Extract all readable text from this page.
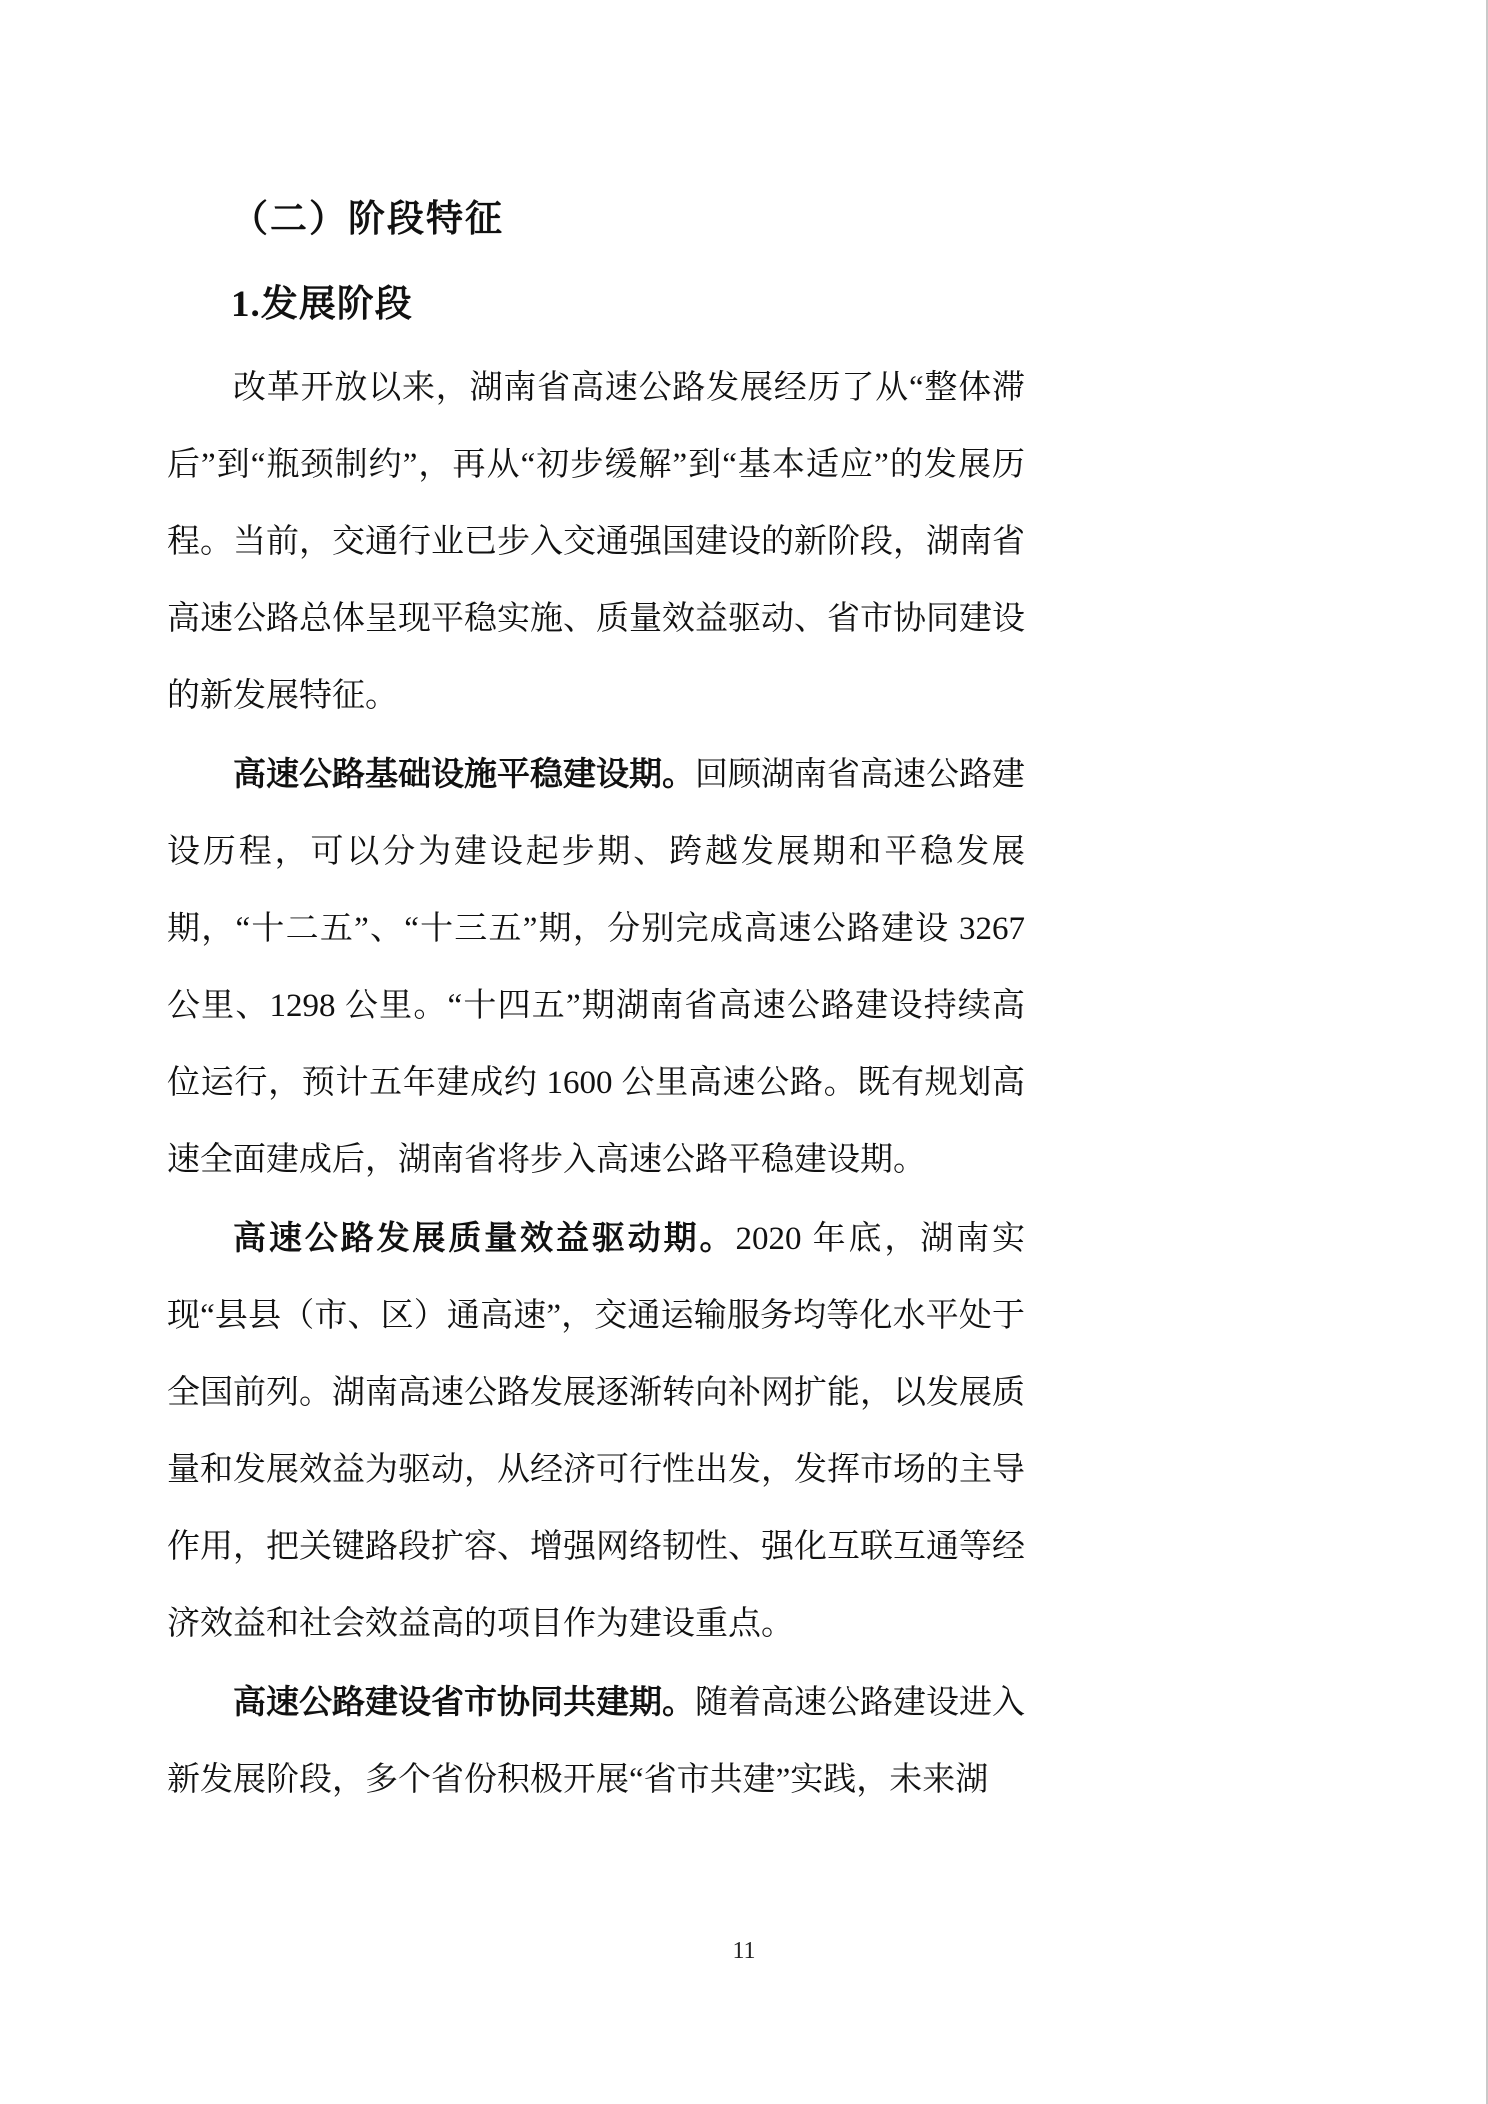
（二）阶段特征
1.发展阶段

改革开放以来，湖南省高速公路发展经历了从“整体滞后”到“瓶颈制约”，再从“初步缓解”到“基本适应”的发展历程。当前，交通行业已步入交通强国建设的新阶段，湖南省高速公路总体呈现平稳实施、质量效益驱动、省市协同建设的新发展特征。

高速公路基础设施平稳建设期。回顾湖南省高速公路建设历程，可以分为建设起步期、跨越发展期和平稳发展期，“十二五”、“十三五”期，分别完成高速公路建设 3267 公里、1298 公里。“十四五”期湖南省高速公路建设持续高位运行，预计五年建成约 1600 公里高速公路。既有规划高速全面建成后，湖南省将步入高速公路平稳建设期。

高速公路发展质量效益驱动期。2020 年底，湖南实现“县县（市、区）通高速”，交通运输服务均等化水平处于全国前列。湖南高速公路发展逐渐转向补网扩能，以发展质量和发展效益为驱动，从经济可行性出发，发挥市场的主导作用，把关键路段扩容、增强网络韧性、强化互联互通等经济效益和社会效益高的项目作为建设重点。

高速公路建设省市协同共建期。随着高速公路建设进入新发展阶段，多个省份积极开展“省市共建”实践，未来湖

11
